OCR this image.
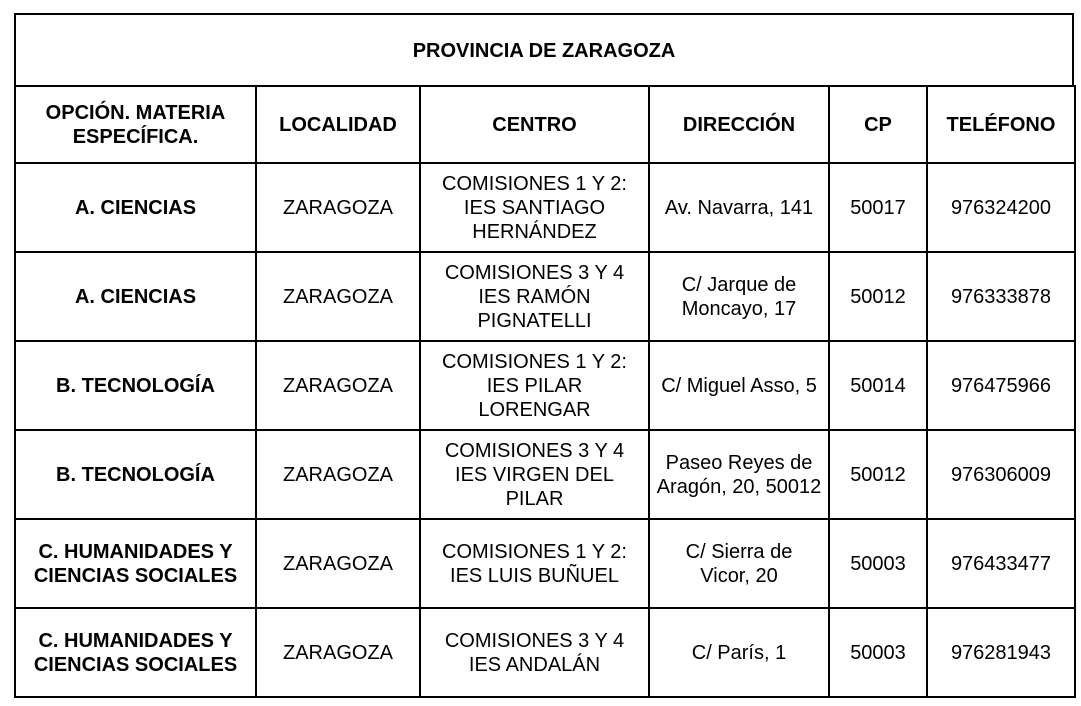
PROVINCIA DE ZARAGOZA
OPCIÓN. MATERIA
ESPECÍFICA.	LOCALIDAD	CENTRO	DIRECCIÓN	CP	TELÉFONO

A. CIENCIAS	ZARAGOZA	COMISIONES 1 Y 2:
IES SANTIAGO
HERNÁNDEZ	Av. Navarra, 141	50017	976324200

A. CIENCIAS	ZARAGOZA	COMISIONES 3 Y 4
IES RAMÓN
PIGNATELLI	C/ Jarque de
Moncayo, 17	50012	976333878

B. TECNOLOGÍA	ZARAGOZA	COMISIONES 1 Y 2:
IES PILAR
LORENGAR	C/ Miguel Asso, 5	50014	976475966

B. TECNOLOGÍA	ZARAGOZA	COMISIONES 3 Y 4
IES VIRGEN DEL
PILAR	Paseo Reyes de
Aragón, 20, 50012	50012	976306009

C. HUMANIDADES Y
CIENCIAS SOCIALES	ZARAGOZA	COMISIONES 1 Y 2:
IES LUIS BUÑUEL	C/ Sierra de
Vicor, 20	50003	976433477

C. HUMANIDADES Y
CIENCIAS SOCIALES	ZARAGOZA	COMISIONES 3 Y 4
IES ANDALÁN	C/ París, 1	50003	976281943
